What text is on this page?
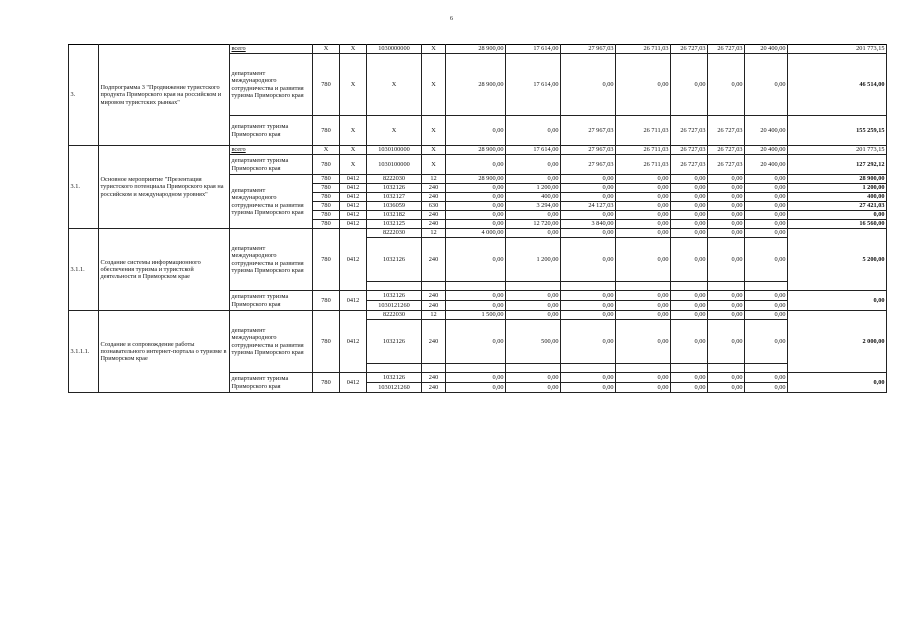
6
3.	Подпрограмма 3 "Продвижение туристского продукта Приморского края на российском и мировом туристских рынках"	всего	X	X	1030000000	X	28 900,00	17 614,00	27 967,03	26 711,03	26 727,03	26 727,03	20 400,00	201 773,15
		департамент международного сотрудничества и развития туризма Приморского края	780	X	X	X	28 900,00	17 614,00	0,00	0,00	0,00	0,00	0,00	46 514,00
		департамент туризма Приморского края	780	X	X	X	0,00	0,00	27 967,03	26 711,03	26 727,03	26 727,03	20 400,00	155 259,15
3.1.	Основное мероприятие "Презентация туристского потенциала Приморского края на российском и международном уровнях"	всего	X	X	1030100000	X	28 900,00	17 614,00	27 967,03	26 711,03	26 727,03	26 727,03	20 400,00	201 773,15
		департамент туризма Приморского края	780	X	1030100000	X	0,00	0,00	27 967,03	26 711,03	26 727,03	26 727,03	20 400,00	127 292,12
		департамент международного сотрудничества и развития туризма Приморского края	780	0412	8222030	12	28 900,00	0,00	0,00	0,00	0,00	0,00	0,00	28 900,00
			780	0412	1032126	240	0,00	1 200,00	0,00	0,00	0,00	0,00	0,00	1 200,00
			780	0412	1032127	240	0,00	400,00	0,00	0,00	0,00	0,00	0,00	400,00
			780	0412	1036059	630	0,00	3 294,00	24 127,03	0,00	0,00	0,00	0,00	27 421,03
			780	0412	1032182	240	0,00	0,00	0,00	0,00	0,00	0,00	0,00	0,00
			780	0412	1032125	240	0,00	12 720,00	3 840,00	0,00	0,00	0,00	0,00	16 560,00
3.1.1.	Создание системы информационного обеспечения туризма и туристской деятельности в Приморском крае	департамент международного сотрудничества и развития туризма Приморского края	780	0412	8222030	12	4 000,00	0,00	0,00	0,00	0,00	0,00	0,00	5 200,00
					1032126	240	0,00	1 200,00	0,00	0,00	0,00	0,00	0,00	

		департамент туризма Приморского края	780	0412	1032126	240	0,00	0,00	0,00	0,00	0,00	0,00	0,00	0,00
					1030121260	240	0,00	0,00	0,00	0,00	0,00	0,00	0,00	
3.1.1.1.	Создание и сопровождение работы познавательного интернет-портала о туризме в Приморском крае	департамент международного сотрудничества и развития туризма Приморского края	780	0412	8222030	12	1 500,00	0,00	0,00	0,00	0,00	0,00	0,00	2 000,00
					1032126	240	0,00	500,00	0,00	0,00	0,00	0,00	0,00	

		департамент туризма Приморского края	780	0412	1032126	240	0,00	0,00	0,00	0,00	0,00	0,00	0,00	0,00
					1030121260	240	0,00	0,00	0,00	0,00	0,00	0,00	0,00	
